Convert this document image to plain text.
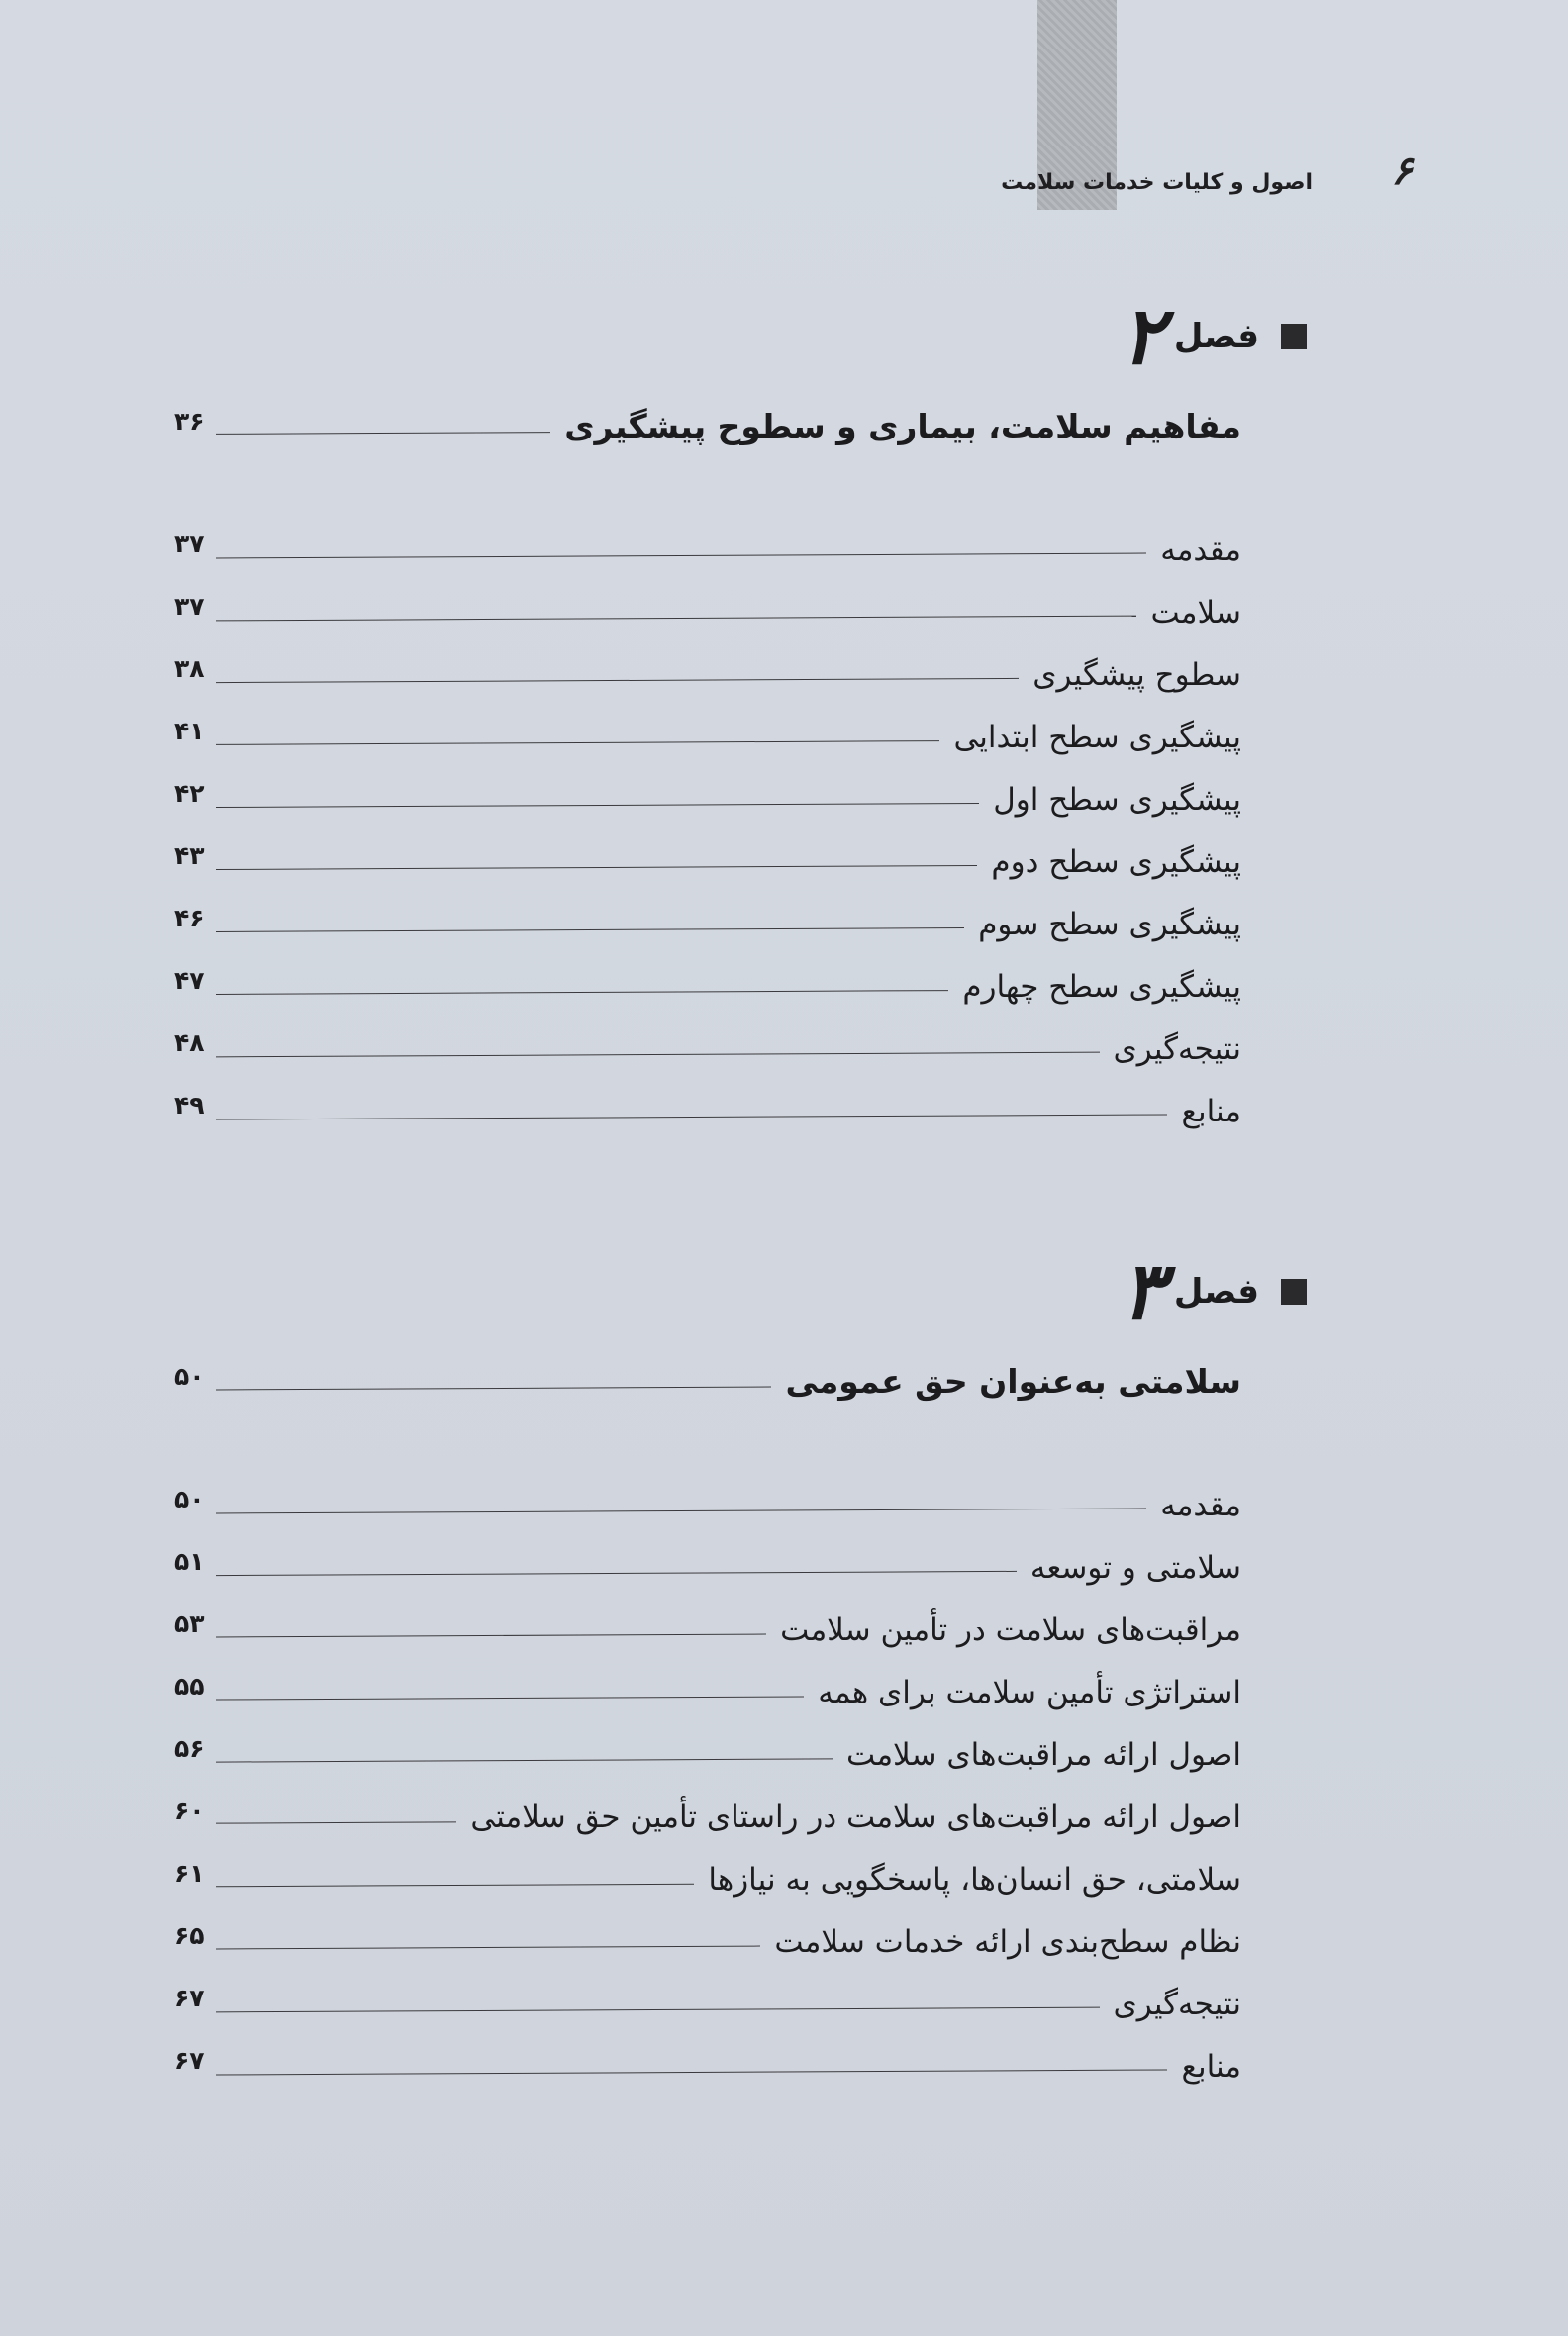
اصول و کلیات خدمات سلامت ۶
فصل
۲
مفاهیم سلامت، بیماری و سطوح پیشگیری
۳۶
مقدمه
۳۷
سلامت
۳۷
سطوح پیشگیری
۳۸
پیشگیری سطح ابتدایی
۴۱
پیشگیری سطح اول
۴۲
پیشگیری سطح دوم
۴۳
پیشگیری سطح سوم
۴۶
پیشگیری سطح چهارم
۴۷
نتیجه‌گیری
۴۸
منابع
۴۹
فصل
۳
سلامتی به‌عنوان حق عمومی
۵۰
مقدمه
۵۰
سلامتی و توسعه
۵۱
مراقبت‌های سلامت در تأمین سلامت
۵۳
استراتژی تأمین سلامت برای همه
۵۵
اصول ارائه مراقبت‌های سلامت
۵۶
اصول ارائه مراقبت‌های سلامت در راستای تأمین حق سلامتی
۶۰
سلامتی، حق انسان‌ها، پاسخگویی به نیازها
۶۱
نظام سطح‌بندی ارائه خدمات سلامت
۶۵
نتیجه‌گیری
۶۷
منابع
۶۷
